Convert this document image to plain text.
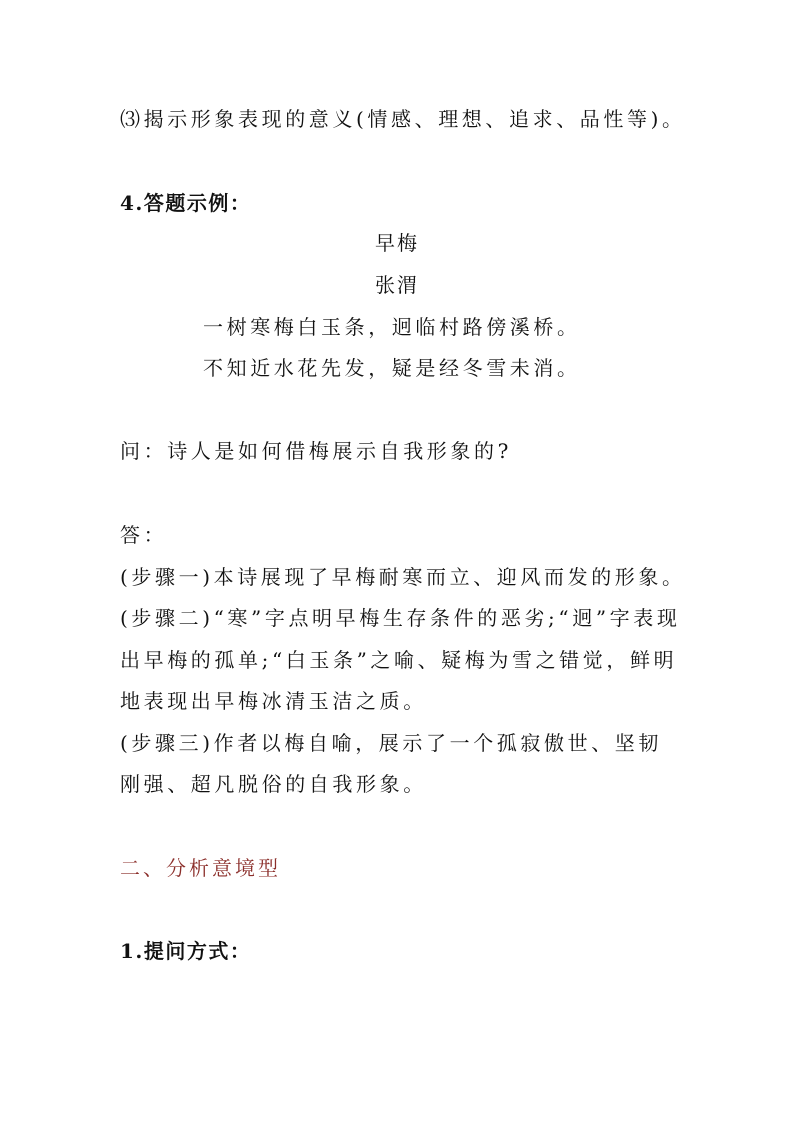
⑶揭示形象表现的意义(情感、理想、追求、品性等)。
4.答题示例：
早梅
张渭
一树寒梅白玉条，迥临村路傍溪桥。
不知近水花先发，疑是经冬雪未消。
问：诗人是如何借梅展示自我形象的?
答：
(步骤一)本诗展现了早梅耐寒而立、迎风而发的形象。
(步骤二)“寒”字点明早梅生存条件的恶劣;“迥”字表现
出早梅的孤单;“白玉条”之喻、疑梅为雪之错觉，鲜明
地表现出早梅冰清玉洁之质。
(步骤三)作者以梅自喻，展示了一个孤寂傲世、坚韧
刚强、超凡脱俗的自我形象。
二、分析意境型
1.提问方式：
